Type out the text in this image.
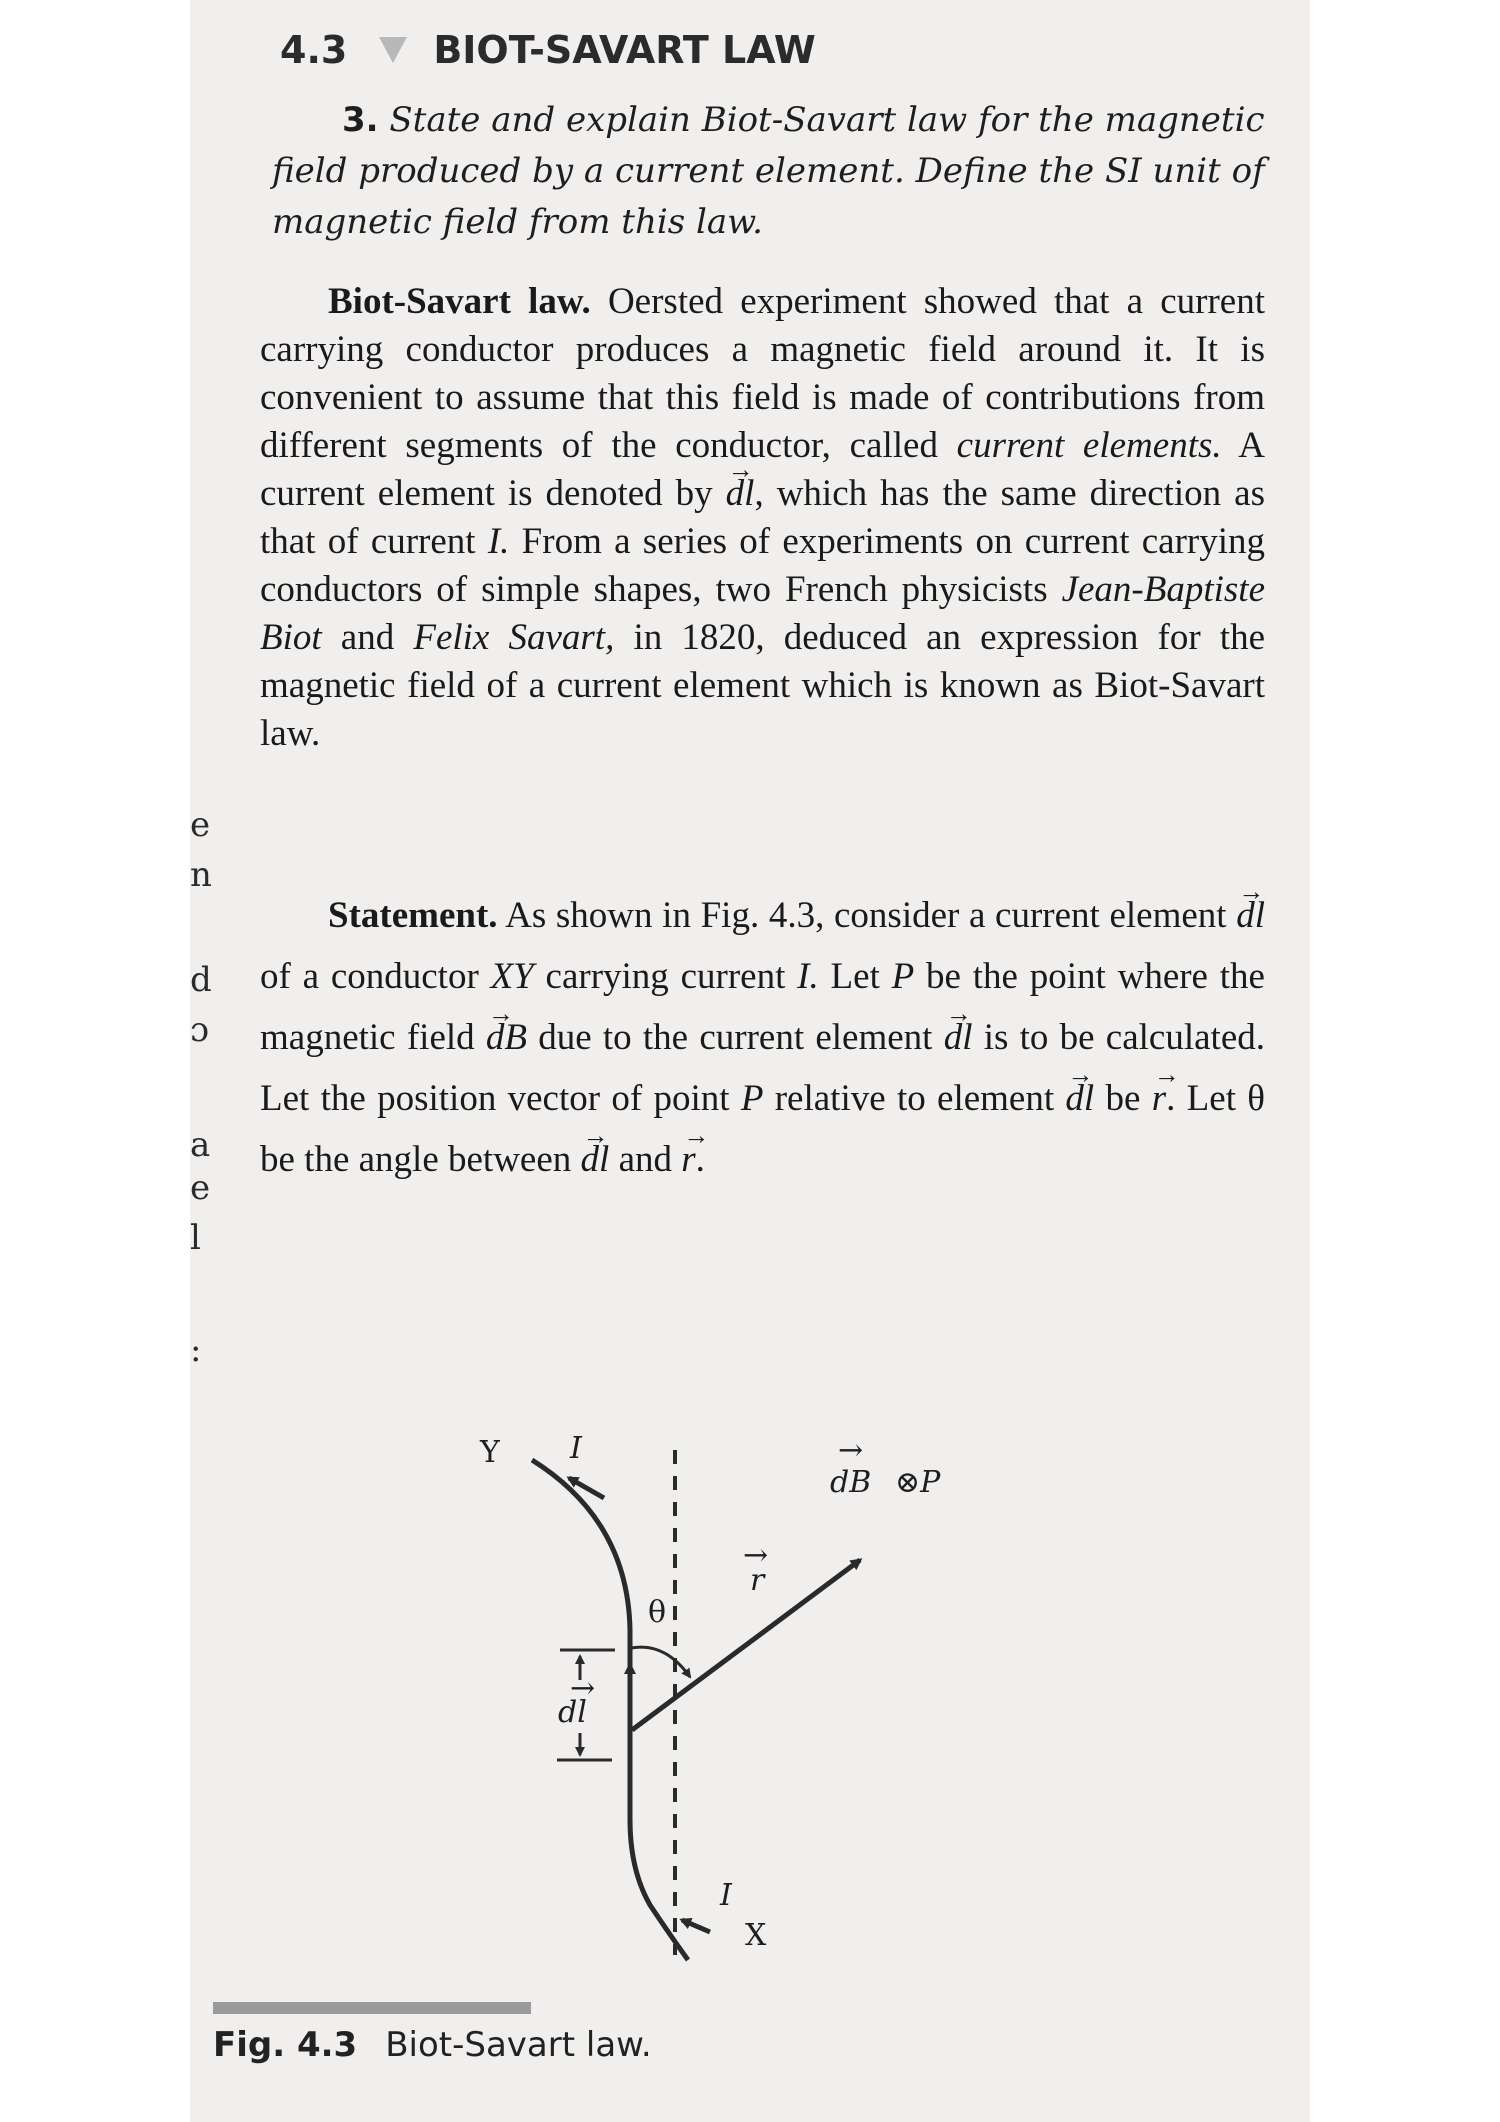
e
n
d
ɔ
a
e
l
:
4.3 BIOT-SAVART LAW
3. State and explain Biot-Savart law for the magnetic field produced by a current element. Define the SI unit of magnetic field from this law.
Biot-Savart law. Oersted experiment showed that a current carrying conductor produces a magnetic field around it. It is convenient to assume that this field is made of contributions from different segments of the conductor, called current elements. A current element is denoted by → dl, which has the same direction as that of current I. From a series of experiments on current carrying conductors of simple shapes, two French physicists Jean-Baptiste Biot and Felix Savart, in 1820, deduced an expression for the magnetic field of a current element which is known as Biot-Savart law.
Statement. As shown in Fig. 4.3, consider a current element → dl of a conductor XY carrying current I. Let P be the point where the magnetic field → dB due to the current element → dl is to be calculated. Let the position vector of point P relative to element → dl be → r. Let θ be the angle between → dl and → r.
Y I
dB
→
⊗P
r
→
θ
dl
→
I
X
Fig. 4.3 Biot-Savart law.
